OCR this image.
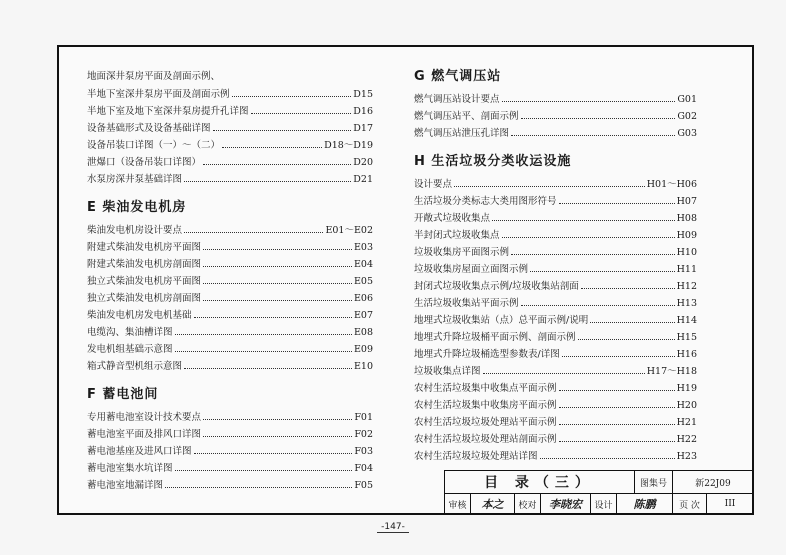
地面深井泵房平面及剖面示例、
半地下室深井泵房平面及剖面示例	D15
半地下室及地下室深井泵房提升孔详图	D16
设备基础形式及设备基础详图	D17
设备吊装口详图（一）～（二）	D18～D19
泄爆口（设备吊装口详图）	D20
水泵房深井泵基础详图	D21
E 柴油发电机房
柴油发电机房设计要点	E01～E02
附建式柴油发电机房平面图	E03
附建式柴油发电机房剖面图	E04
独立式柴油发电机房平面图	E05
独立式柴油发电机房剖面图	E06
柴油发电机房发电机基础	E07
电缆沟、集油槽详图	E08
发电机组基础示意图	E09
箱式静音型机组示意图	E10
F 蓄电池间
专用蓄电池室设计技术要点	F01
蓄电池室平面及排风口详图	F02
蓄电池基座及进风口详图	F03
蓄电池室集水坑详图	F04
蓄电池室地漏详图	F05
G 燃气调压站
燃气调压站设计要点	G01
燃气调压站平、剖面示例	G02
燃气调压站泄压孔详图	G03
H 生活垃圾分类收运设施
设计要点	H01～H06
生活垃圾分类标志大类用图形符号	H07
开敞式垃圾收集点	H08
半封闭式垃圾收集点	H09
垃圾收集房平面图示例	H10
垃圾收集房屋面立面图示例	H11
封闭式垃圾收集点示例/垃圾收集站剖面	H12
生活垃圾收集站平面示例	H13
地埋式垃圾收集站（点）总平面示例/说明	H14
地埋式升降垃圾桶平面示例、剖面示例	H15
地埋式升降垃圾桶选型参数表/详图	H16
垃圾收集点详图	H17～H18
农村生活垃圾集中收集点平面示例	H19
农村生活垃圾集中收集房平面示例	H20
农村生活垃圾垃圾处理站平面示例	H21
农村生活垃圾垃圾处理站剖面示例	H22
农村生活垃圾垃圾处理站详图	H23
目 录（三）	图集号	新22J09
审核	本之	校对	李晓宏	设计	陈鹏	页 次	III
-147-
